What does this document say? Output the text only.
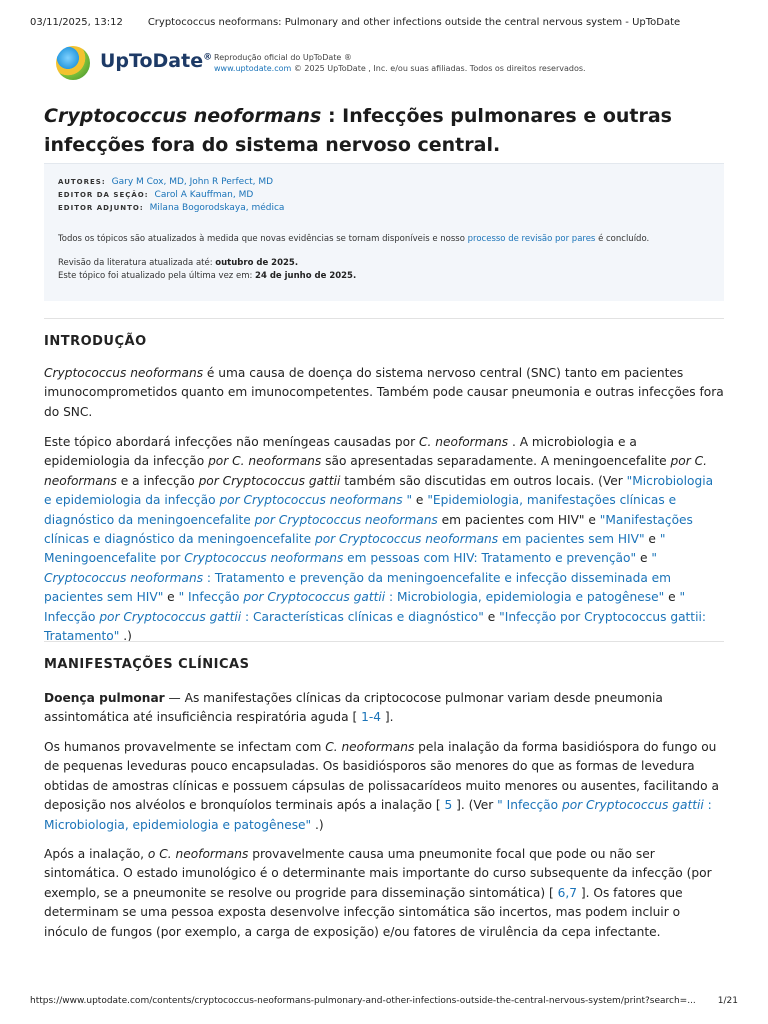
03/11/2025, 13:12	Cryptococcus neoformans: Pulmonary and other infections outside the central nervous system - UpToDate
UpToDate® Reprodução oficial do UpToDate ®
www.uptodate.com © 2025 UpToDate , Inc. e/ou suas afiliadas. Todos os direitos reservados.
Cryptococcus neoformans : Infecções pulmonares e outras infecções fora do sistema nervoso central.
AUTORES: Gary M Cox, MD, John R Perfect, MD
EDITOR DA SEÇÃO: Carol A Kauffman, MD
EDITOR ADJUNTO: Milana Bogorodskaya, médica
Todos os tópicos são atualizados à medida que novas evidências se tornam disponíveis e nosso processo de revisão por pares é concluído.
Revisão da literatura atualizada até: outubro de 2025.
Este tópico foi atualizado pela última vez em: 24 de junho de 2025.
INTRODUÇÃO

Cryptococcus neoformans é uma causa de doença do sistema nervoso central (SNC) tanto em pacientes imunocomprometidos quanto em imunocompetentes. Também pode causar pneumonia e outras infecções fora do SNC.

Este tópico abordará infecções não meníngeas causadas por C. neoformans . A microbiologia e a epidemiologia da infecção por C. neoformans são apresentadas separadamente. A meningoencefalite por C. neoformans e a infecção por Cryptococcus gattii também são discutidas em outros locais. (Ver "Microbiologia e epidemiologia da infecção por Cryptococcus neoformans " e "Epidemiologia, manifestações clínicas e diagnóstico da meningoencefalite por Cryptococcus neoformans em pacientes com HIV" e "Manifestações clínicas e diagnóstico da meningoencefalite por Cryptococcus neoformans em pacientes sem HIV" e " Meningoencefalite por Cryptococcus neoformans em pessoas com HIV: Tratamento e prevenção" e " Cryptococcus neoformans : Tratamento e prevenção da meningoencefalite e infecção disseminada em pacientes sem HIV" e " Infecção por Cryptococcus gattii : Microbiologia, epidemiologia e patogênese" e " Infecção por Cryptococcus gattii : Características clínicas e diagnóstico" e "Infecção por Cryptococcus gattii: Tratamento" .)

MANIFESTAÇÕES CLÍNICAS

Doença pulmonar — As manifestações clínicas da criptococose pulmonar variam desde pneumonia assintomática até insuficiência respiratória aguda [ 1-4 ].

Os humanos provavelmente se infectam com C. neoformans pela inalação da forma basidióspora do fungo ou de pequenas leveduras pouco encapsuladas. Os basidiósporos são menores do que as formas de levedura obtidas de amostras clínicas e possuem cápsulas de polissacarídeos muito menores ou ausentes, facilitando a deposição nos alvéolos e bronquíolos terminais após a inalação [ 5 ]. (Ver " Infecção por Cryptococcus gattii : Microbiologia, epidemiologia e patogênese" .)

Após a inalação, o C. neoformans provavelmente causa uma pneumonite focal que pode ou não ser sintomática. O estado imunológico é o determinante mais importante do curso subsequente da infecção (por exemplo, se a pneumonite se resolve ou progride para disseminação sintomática) [ 6,7 ]. Os fatores que determinam se uma pessoa exposta desenvolve infecção sintomática são incertos, mas podem incluir o inóculo de fungos (por exemplo, a carga de exposição) e/ou fatores de virulência da cepa infectante.

https://www.uptodate.com/contents/cryptococcus-neoformans-pulmonary-and-other-infections-outside-the-central-nervous-system/print?search=...	1/21
